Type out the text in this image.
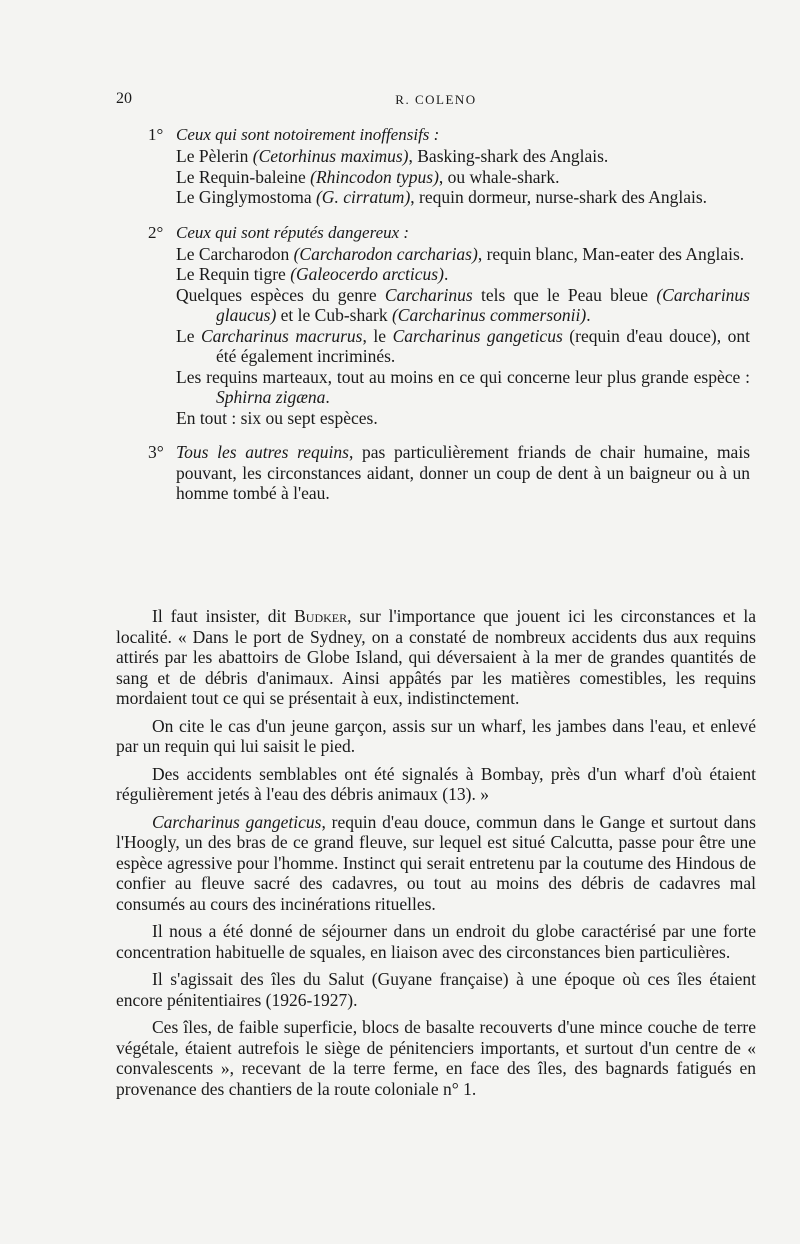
20	R. COLENO
1° Ceux qui sont notoirement inoffensifs :
Le Pèlerin (Cetorhinus maximus), Basking-shark des Anglais.
Le Requin-baleine (Rhincodon typus), ou whale-shark.
Le Ginglymostoma (G. cirratum), requin dormeur, nurse-shark des Anglais.
2° Ceux qui sont réputés dangereux :
Le Carcharodon (Carcharodon carcharias), requin blanc, Man-eater des Anglais.
Le Requin tigre (Galeocerdo arcticus).
Quelques espèces du genre Carcharinus tels que le Peau bleue (Carcharinus glaucus) et le Cub-shark (Carcharinus commersonii).
Le Carcharinus macrurus, le Carcharinus gangeticus (requin d'eau douce), ont été également incriminés.
Les requins marteaux, tout au moins en ce qui concerne leur plus grande espèce : Sphirna zigæna.
En tout : six ou sept espèces.
3° Tous les autres requins, pas particulièrement friands de chair humaine, mais pouvant, les circonstances aidant, donner un coup de dent à un baigneur ou à un homme tombé à l'eau.

Il faut insister, dit Budker, sur l'importance que jouent ici les circonstances et la localité. « Dans le port de Sydney, on a constaté de nombreux accidents dus aux requins attirés par les abattoirs de Globe Island, qui déversaient à la mer de grandes quantités de sang et de débris d'animaux. Ainsi appâtés par les matières comestibles, les requins mordaient tout ce qui se présentait à eux, indistinctement.

On cite le cas d'un jeune garçon, assis sur un wharf, les jambes dans l'eau, et enlevé par un requin qui lui saisit le pied.

Des accidents semblables ont été signalés à Bombay, près d'un wharf d'où étaient régulièrement jetés à l'eau des débris animaux (13). »

Carcharinus gangeticus, requin d'eau douce, commun dans le Gange et surtout dans l'Hoogly, un des bras de ce grand fleuve, sur lequel est situé Calcutta, passe pour être une espèce agressive pour l'homme. Instinct qui serait entretenu par la coutume des Hindous de confier au fleuve sacré des cadavres, ou tout au moins des débris de cadavres mal consumés au cours des incinérations rituelles.

Il nous a été donné de séjourner dans un endroit du globe caractérisé par une forte concentration habituelle de squales, en liaison avec des circonstances bien particulières.

Il s'agissait des îles du Salut (Guyane française) à une époque où ces îles étaient encore pénitentiaires (1926-1927).

Ces îles, de faible superficie, blocs de basalte recouverts d'une mince couche de terre végétale, étaient autrefois le siège de pénitenciers importants, et surtout d'un centre de « convalescents », recevant de la terre ferme, en face des îles, des bagnards fatigués en provenance des chantiers de la route coloniale n° 1.
